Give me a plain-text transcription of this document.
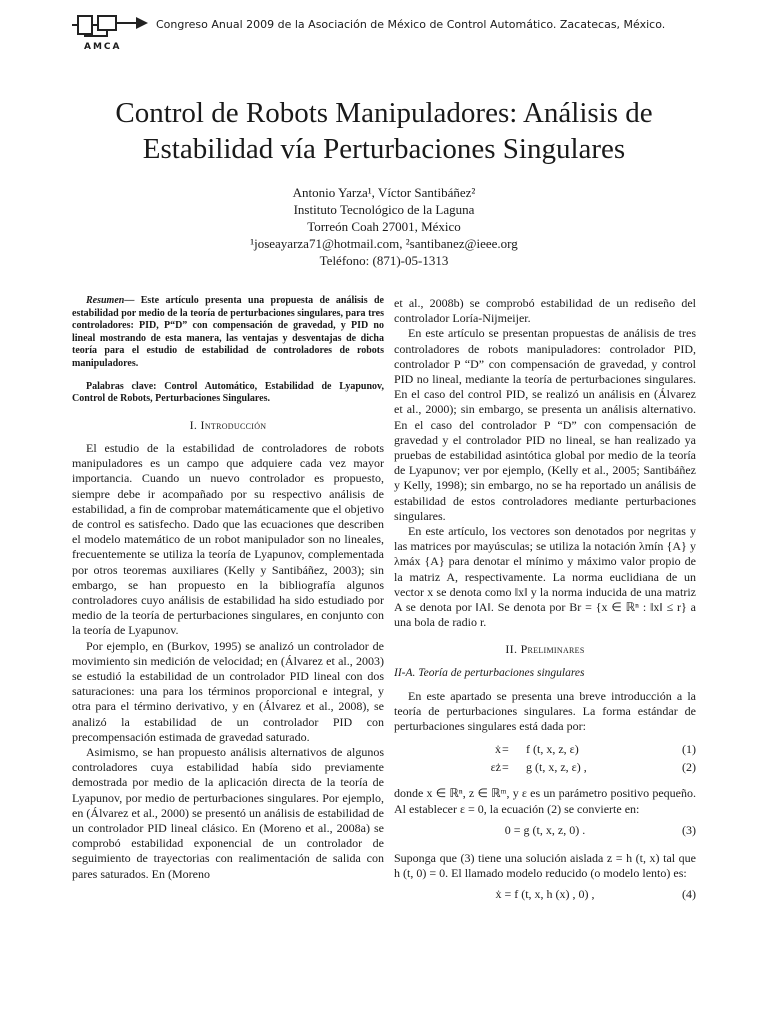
AMCA
Congreso Anual 2009 de la Asociación de México de Control Automático. Zacatecas, México.
Control de Robots Manipuladores: Análisis de
Estabilidad vía Perturbaciones Singulares
Antonio Yarza¹, Víctor Santibáñez²
Instituto Tecnológico de la Laguna
Torreón Coah 27001, México
¹joseayarza71@hotmail.com, ²santibanez@ieee.org
Teléfono: (871)-05-1313

Resumen— Este artículo presenta una propuesta de análisis de estabilidad por medio de la teoría de perturbaciones singulares, para tres controladores: PID, P“D” con compensación de gravedad, y PID no lineal mostrando de esta manera, las ventajas y desventajas de dicha teoría para el estudio de estabilidad de controladores de robots manipuladores.

Palabras clave: Control Automático, Estabilidad de Lyapunov, Control de Robots, Perturbaciones Singulares.

I. Introducción

El estudio de la estabilidad de controladores de robots manipuladores es un campo que adquiere cada vez mayor importancia. Cuando un nuevo controlador es propuesto, siempre debe ir acompañado por su respectivo análisis de estabilidad, a fin de comprobar matemáticamente que el objetivo de control es satisfecho. Dado que las ecuaciones que describen el modelo matemático de un robot manipulador son no lineales, frecuentemente se utiliza la teoría de Lyapunov, complementada por otros teoremas auxiliares (Kelly y Santibáñez, 2003); sin embargo, se han propuesto en la bibliografía algunos controladores cuyo análisis de estabilidad ha sido estudiado por medio de la teoría de perturbaciones singulares, en conjunto con la teoría de Lyapunov.

Por ejemplo, en (Burkov, 1995) se analizó un controlador de movimiento sin medición de velocidad; en (Álvarez et al., 2003) se estudió la estabilidad de un controlador PID lineal con dos saturaciones: una para los términos proporcional e integral, y otra para el término derivativo, y en (Álvarez et al., 2008), se analizó la estabilidad de un controlador PID con precompensación estimada de gravedad saturado.

Asimismo, se han propuesto análisis alternativos de algunos controladores cuya estabilidad había sido previamente demostrada por medio de la aplicación directa de la teoría de Lyapunov, por medio de perturbaciones singulares. Por ejemplo, en (Álvarez et al., 2000) se presentó un análisis de estabilidad de un controlador PID lineal clásico. En (Moreno et al., 2008a) se comprobó estabilidad exponencial de un controlador de seguimiento de trayectorias con realimentación de salida con pares saturados. En (Moreno

et al., 2008b) se comprobó estabilidad de un rediseño del controlador Loría-Nijmeijer.

En este artículo se presentan propuestas de análisis de tres controladores de robots manipuladores: controlador PID, controlador P “D” con compensación de gravedad, y control PID no lineal, mediante la teoría de perturbaciones singulares. En el caso del control PID, se realizó un análisis en (Álvarez et al., 2000); sin embargo, se presenta un análisis alternativo. En el caso del controlador P “D” con compensación de gravedad y el controlador PID no lineal, se han realizado ya pruebas de estabilidad asintótica global por medio de la teoría de Lyapunov; ver por ejemplo, (Kelly et al., 2005; Santibáñez y Kelly, 1998); sin embargo, no se ha reportado un análisis de estabilidad de estos controladores mediante perturbaciones singulares.

En este artículo, los vectores son denotados por negritas y las matrices por mayúsculas; se utiliza la notación λmín {A} y λmáx {A} para denotar el mínimo y máximo valor propio de la matriz A, respectivamente. La norma euclidiana de un vector x se denota como ‖x‖ y la norma inducida de una matriz A se denota por ‖A‖. Se denota por Br = {x ∈ ℝⁿ : ‖x‖ ≤ r} a una bola de radio r.

II. Preliminares
II-A. Teoría de perturbaciones singulares

En este apartado se presenta una breve introducción a la teoría de perturbaciones singulares. La forma estándar de perturbaciones singulares está dada por:

ẋ = f (t, x, z, ε)	(1)
εż = g (t, x, z, ε) ,	(2)

donde x ∈ ℝⁿ, z ∈ ℝᵐ, y ε es un parámetro positivo pequeño. Al establecer ε = 0, la ecuación (2) se convierte en:

0 = g (t, x, z, 0) .	(3)

Suponga que (3) tiene una solución aislada z = h (t, x) tal que h (t, 0) = 0. El llamado modelo reducido (o modelo lento) es:

ẋ = f (t, x, h (x) , 0) ,	(4)
